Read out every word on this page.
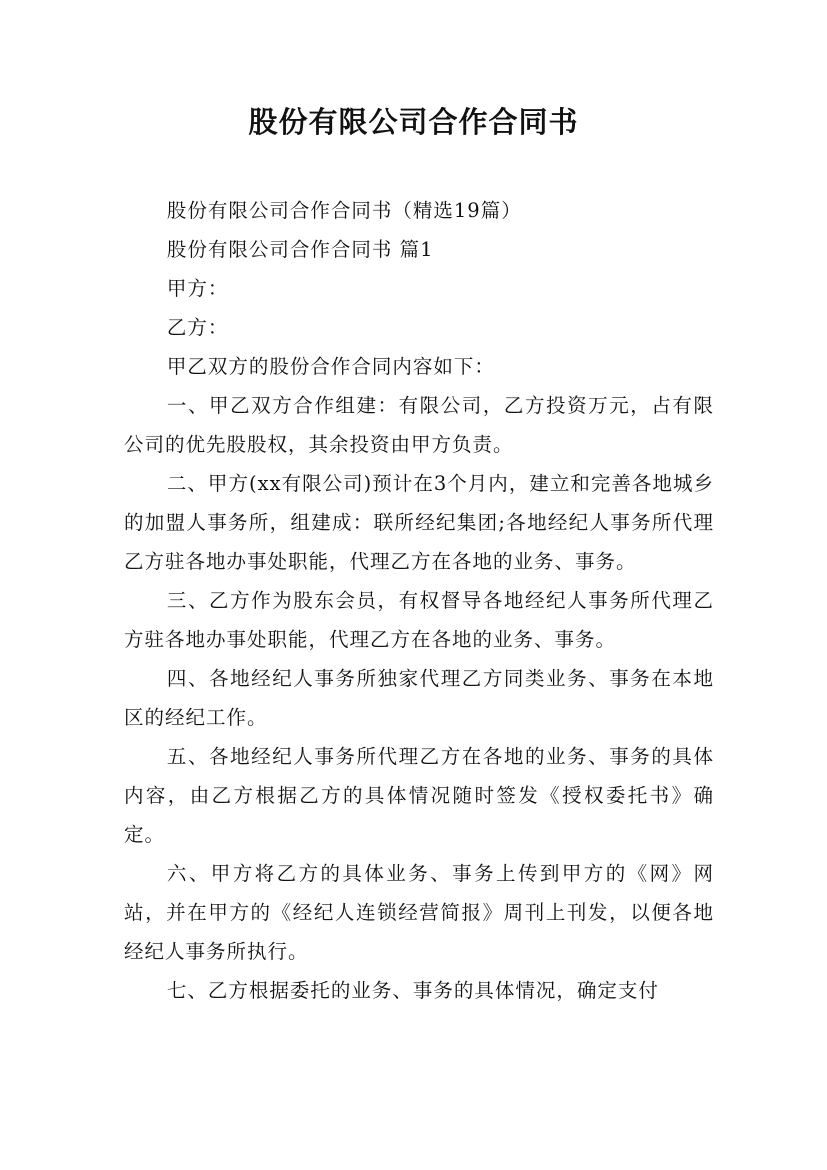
股份有限公司合作合同书

股份有限公司合作合同书（精选19篇）

股份有限公司合作合同书 篇1

甲方：

乙方：

甲乙双方的股份合作合同内容如下：

一、甲乙双方合作组建：有限公司，乙方投资万元，占有限公司的优先股股权，其余投资由甲方负责。

二、甲方(xx有限公司)预计在3个月内，建立和完善各地城乡的加盟人事务所，组建成：联所经纪集团;各地经纪人事务所代理乙方驻各地办事处职能，代理乙方在各地的业务、事务。

三、乙方作为股东会员，有权督导各地经纪人事务所代理乙方驻各地办事处职能，代理乙方在各地的业务、事务。

四、各地经纪人事务所独家代理乙方同类业务、事务在本地区的经纪工作。

五、各地经纪人事务所代理乙方在各地的业务、事务的具体内容，由乙方根据乙方的具体情况随时签发《授权委托书》确定。

六、甲方将乙方的具体业务、事务上传到甲方的《网》网站，并在甲方的《经纪人连锁经营简报》周刊上刊发，以便各地经纪人事务所执行。

七、乙方根据委托的业务、事务的具体情况，确定支付
